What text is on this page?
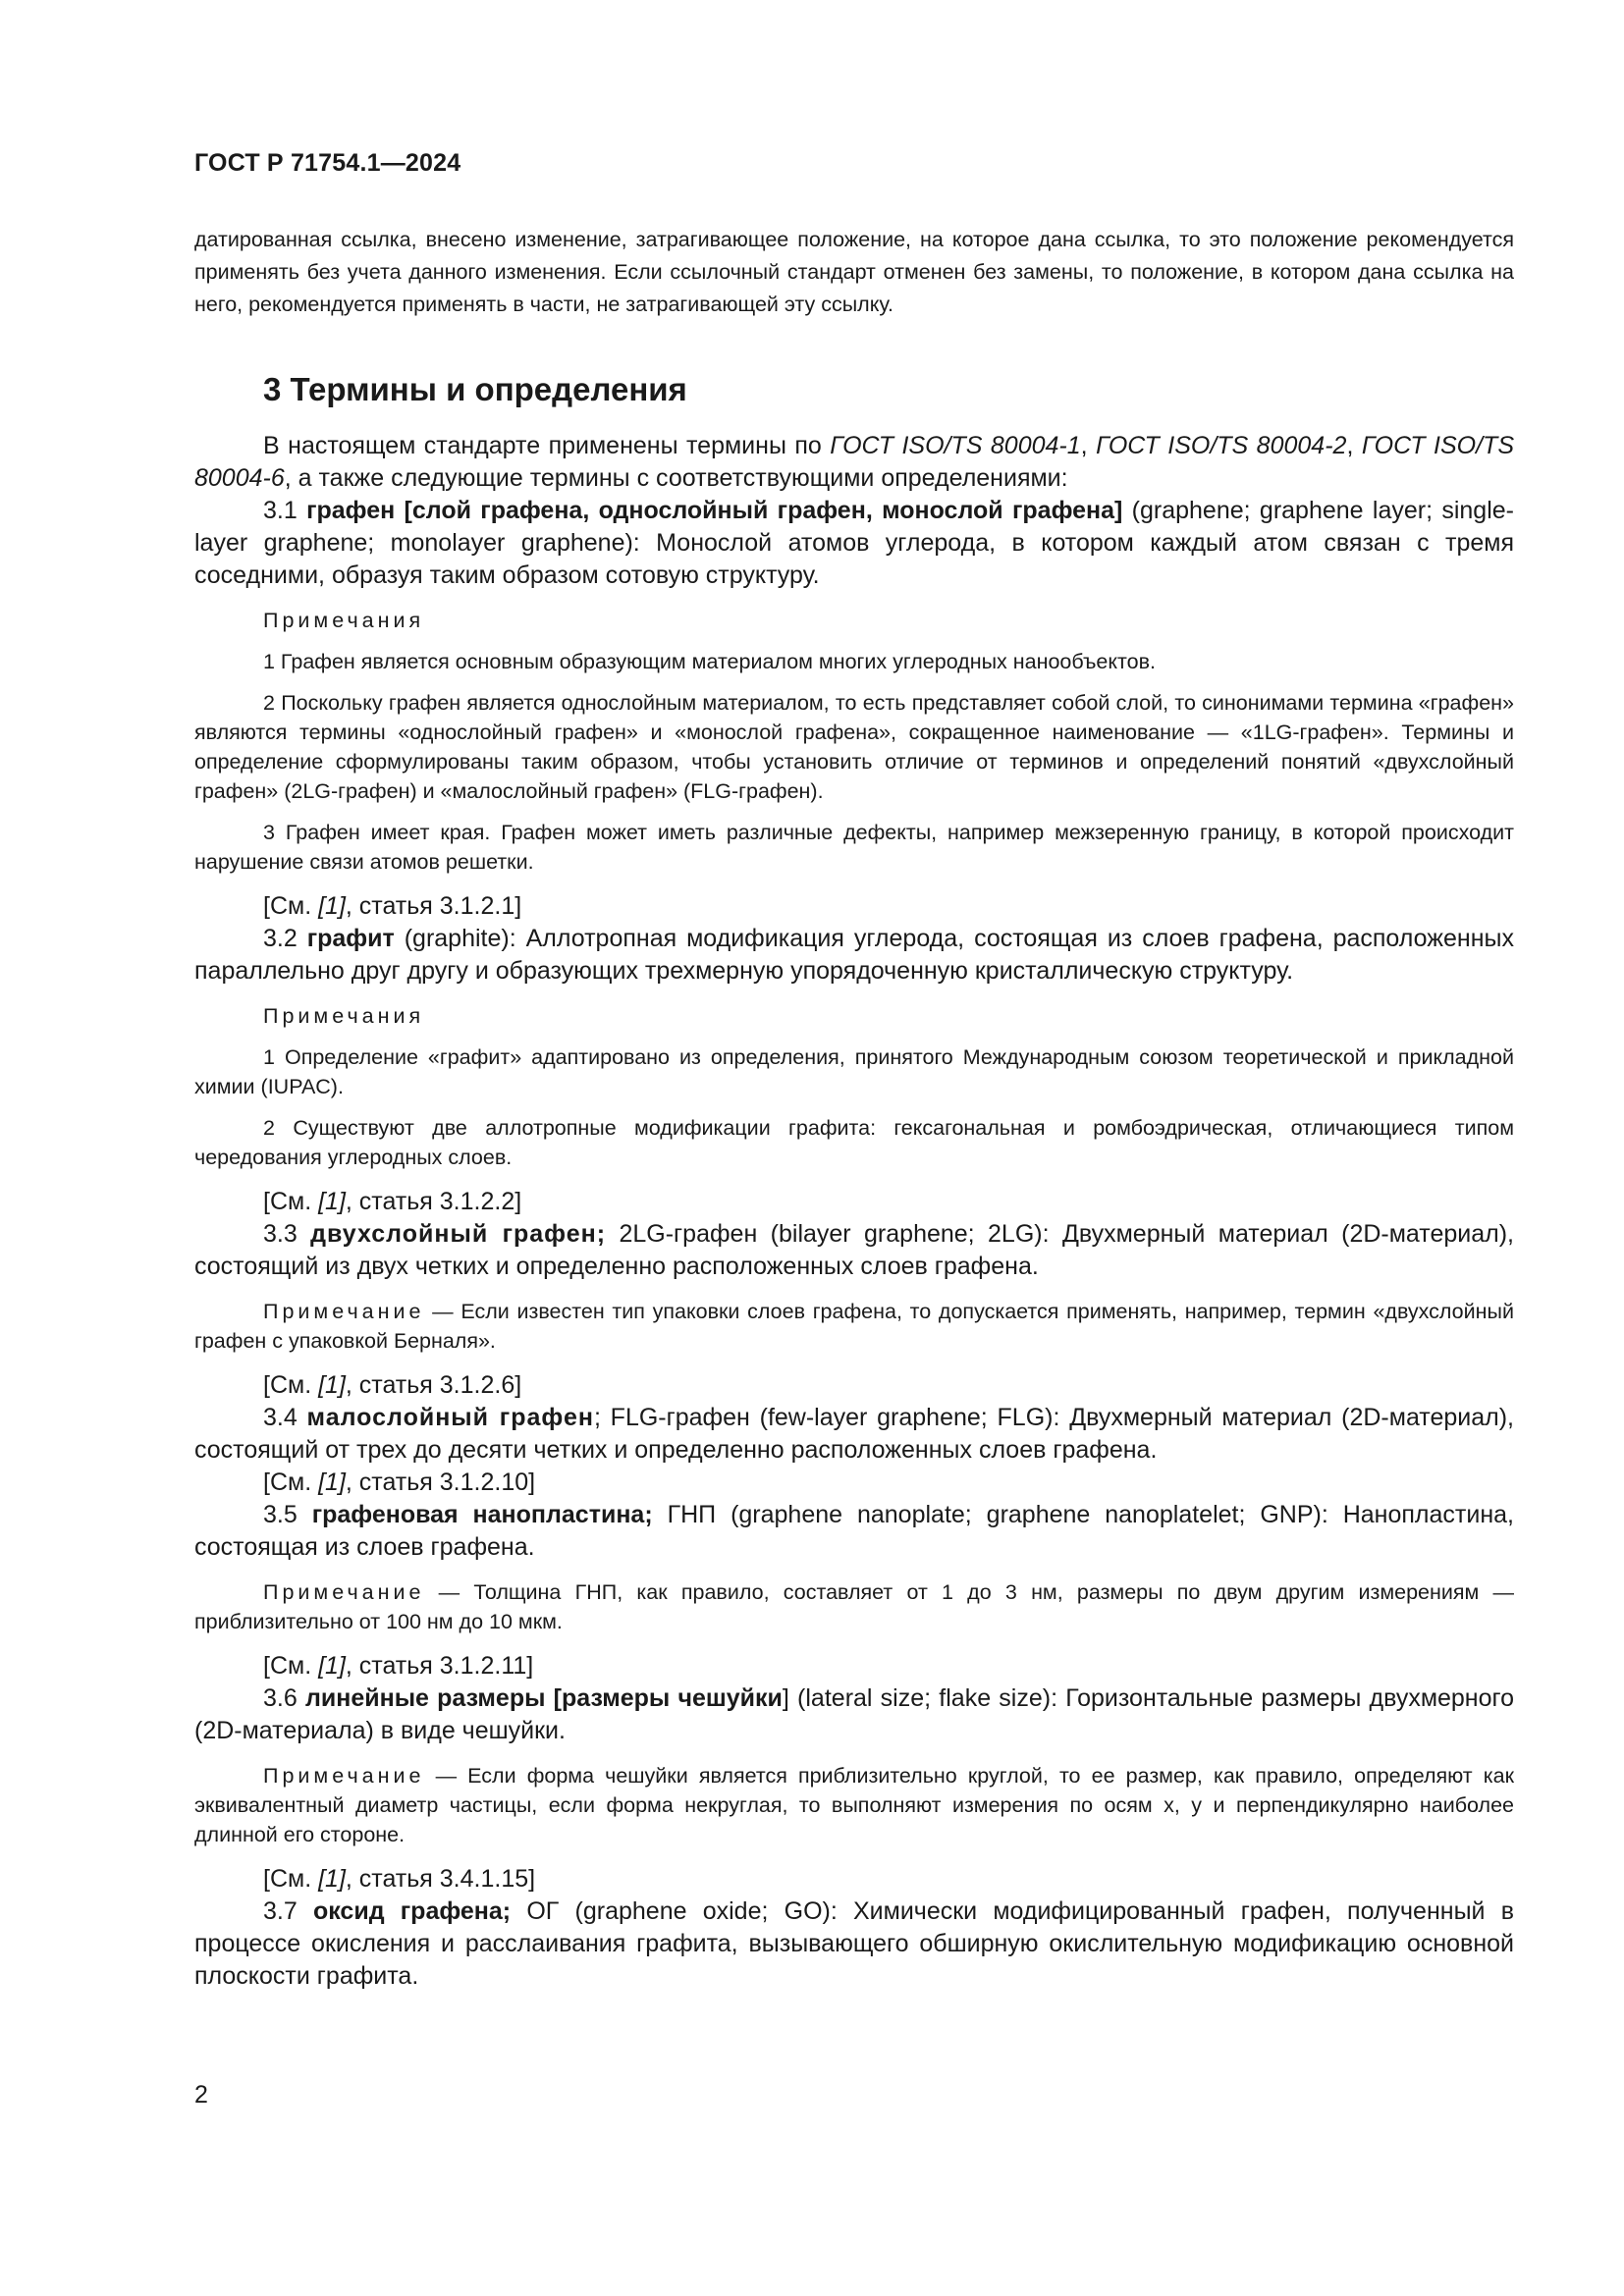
ГОСТ Р 71754.1—2024

датированная ссылка, внесено изменение, затрагивающее положение, на которое дана ссылка, то это положение рекомендуется применять без учета данного изменения. Если ссылочный стандарт отменен без замены, то положение, в котором дана ссылка на него, рекомендуется применять в части, не затрагивающей эту ссылку.

3 Термины и определения

В настоящем стандарте применены термины по ГОСТ ISO/TS 80004-1, ГОСТ ISO/TS 80004-2, ГОСТ ISO/TS 80004-6, а также следующие термины с соответствующими определениями:

3.1 графен [слой графена, однослойный графен, монослой графена] (graphene; graphene layer; single-layer graphene; monolayer graphene): Монослой атомов углерода, в котором каждый атом связан с тремя соседними, образуя таким образом сотовую структуру.

Примечания

1 Графен является основным образующим материалом многих углеродных нанообъектов.

2 Поскольку графен является однослойным материалом, то есть представляет собой слой, то синонимами термина «графен» являются термины «однослойный графен» и «монослой графена», сокращенное наименование — «1LG-графен». Термины и определение сформулированы таким образом, чтобы установить отличие от терминов и определений понятий «двухслойный графен» (2LG-графен) и «малослойный графен» (FLG-графен).

3 Графен имеет края. Графен может иметь различные дефекты, например межзеренную границу, в которой происходит нарушение связи атомов решетки.

[См. [1], статья 3.1.2.1]

3.2 графит (graphite): Аллотропная модификация углерода, состоящая из слоев графена, расположенных параллельно друг другу и образующих трехмерную упорядоченную кристаллическую структуру.

Примечания

1 Определение «графит» адаптировано из определения, принятого Международным союзом теоретической и прикладной химии (IUPAC).

2 Существуют две аллотропные модификации графита: гексагональная и ромбоэдрическая, отличающиеся типом чередования углеродных слоев.

[См. [1], статья 3.1.2.2]

3.3 двухслойный графен; 2LG-графен (bilayer graphene; 2LG): Двухмерный материал (2D-материал), состоящий из двух четких и определенно расположенных слоев графена.

Примечание — Если известен тип упаковки слоев графена, то допускается применять, например, термин «двухслойный графен с упаковкой Берналя».

[См. [1], статья 3.1.2.6]

3.4 малослойный графен; FLG-графен (few-layer graphene; FLG): Двухмерный материал (2D-материал), состоящий от трех до десяти четких и определенно расположенных слоев графена.

[См. [1], статья 3.1.2.10]

3.5 графеновая нанопластина; ГНП (graphene nanoplate; graphene nanoplatelet; GNP): Нанопластина, состоящая из слоев графена.

Примечание — Толщина ГНП, как правило, составляет от 1 до 3 нм, размеры по двум другим измерениям — приблизительно от 100 нм до 10 мкм.

[См. [1], статья 3.1.2.11]

3.6 линейные размеры [размеры чешуйки] (lateral size; flake size): Горизонтальные размеры двухмерного (2D-материала) в виде чешуйки.

Примечание — Если форма чешуйки является приблизительно круглой, то ее размер, как правило, определяют как эквивалентный диаметр частицы, если форма некруглая, то выполняют измерения по осям x, y и перпендикулярно наиболее длинной его стороне.

[См. [1], статья 3.4.1.15]

3.7 оксид графена; ОГ (graphene oxide; GO): Химически модифицированный графен, полученный в процессе окисления и расслаивания графита, вызывающего обширную окислительную модификацию основной плоскости графита.

2
